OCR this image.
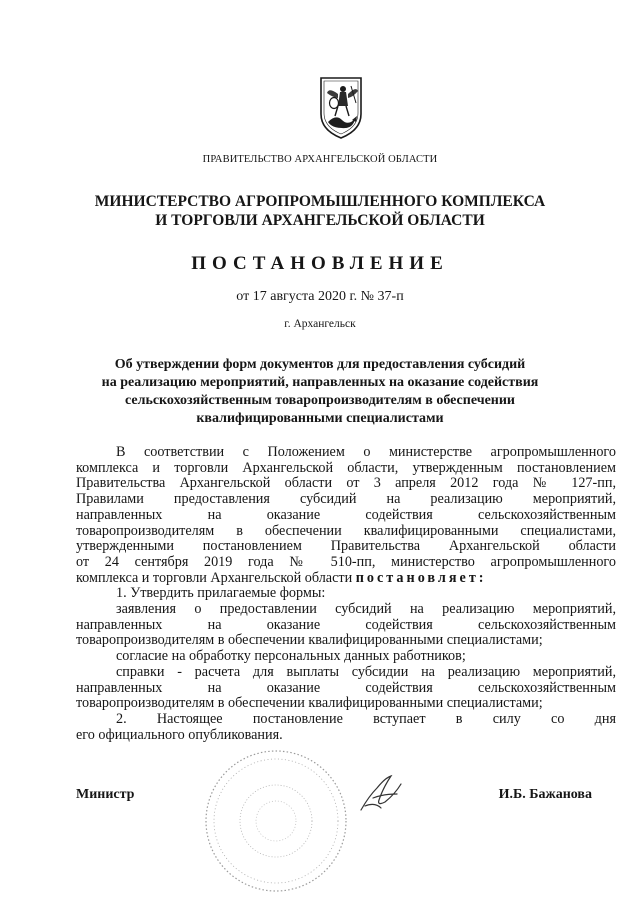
ПРАВИТЕЛЬСТВО АРХАНГЕЛЬСКОЙ ОБЛАСТИ
МИНИСТЕРСТВО АГРОПРОМЫШЛЕННОГО КОМПЛЕКСА
И ТОРГОВЛИ АРХАНГЕЛЬСКОЙ ОБЛАСТИ
ПОСТАНОВЛЕНИЕ
от 17 августа 2020 г. № 37-п
г. Архангельск
Об утверждении форм документов для предоставления субсидий
на реализацию мероприятий, направленных на оказание содействия
сельскохозяйственным товаропроизводителям в обеспечении
квалифицированными специалистами
В соответствии с Положением о министерстве агропромышленного
комплекса и торговли Архангельской области, утвержденным постановлением
Правительства Архангельской области от 3 апреля 2012 года № 127-пп,
Правилами предоставления субсидий на реализацию мероприятий,
направленных на оказание содействия сельскохозяйственным
товаропроизводителям в обеспечении квалифицированными специалистами,
утвержденными постановлением Правительства Архангельской области
от 24 сентября 2019 года № 510-пп, министерство агропромышленного
комплекса и торговли Архангельской области постановляет:
1. Утвердить прилагаемые формы:
заявления о предоставлении субсидий на реализацию мероприятий,
направленных на оказание содействия сельскохозяйственным
товаропроизводителям в обеспечении квалифицированными специалистами;
согласие на обработку персональных данных работников;
справки - расчета для выплаты субсидии на реализацию мероприятий,
направленных на оказание содействия сельскохозяйственным
товаропроизводителям в обеспечении квалифицированными специалистами;
2. Настоящее постановление вступает в силу со дня
его официального опубликования.
Министр	И.Б. Бажанова
